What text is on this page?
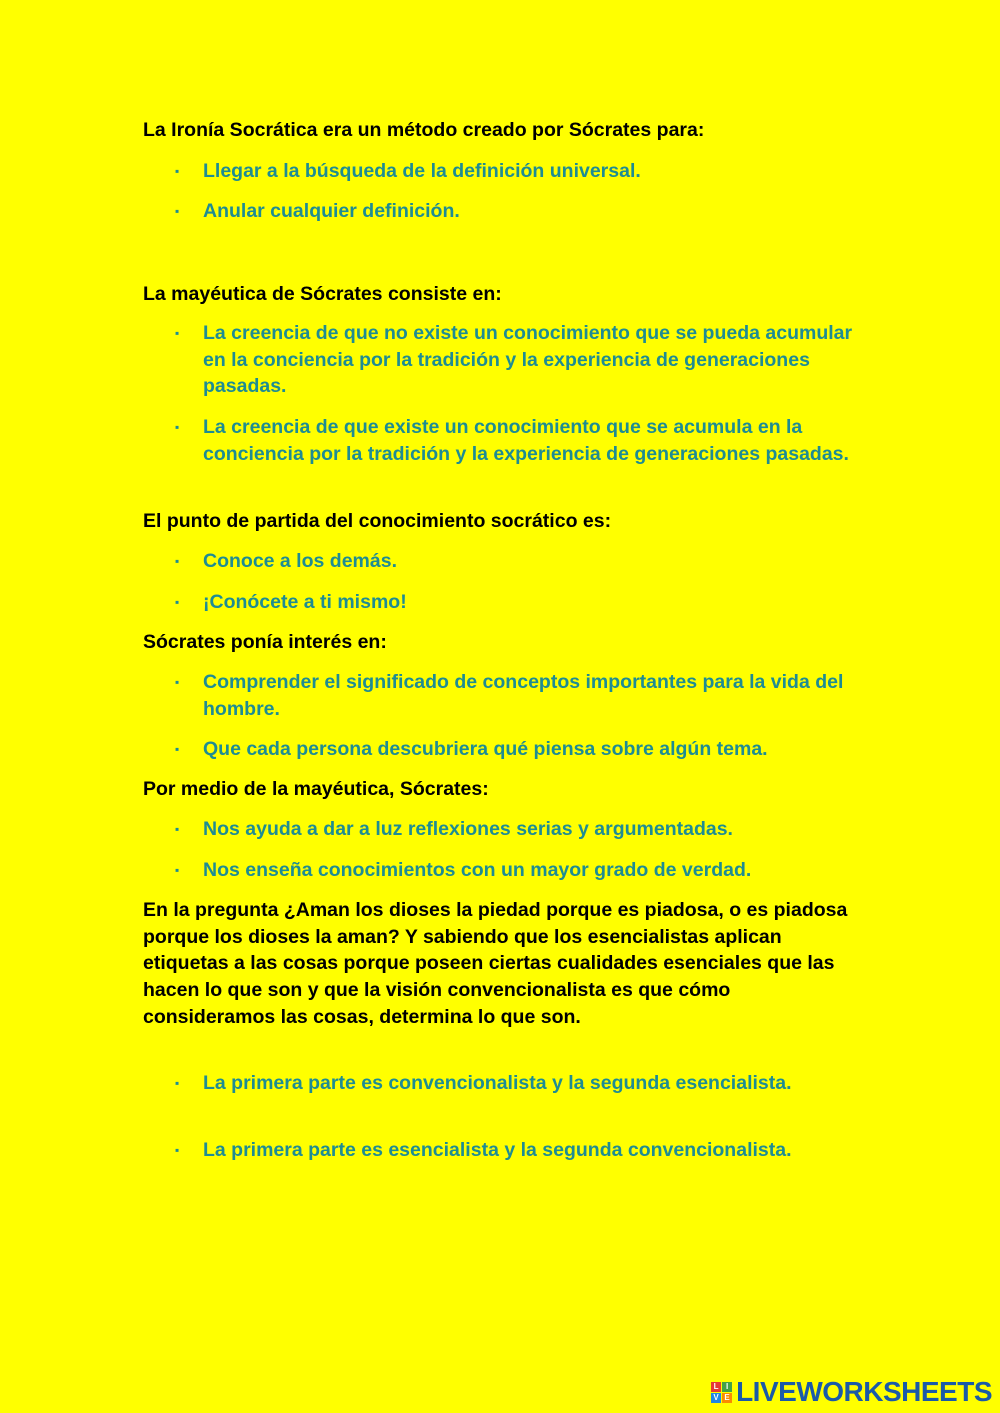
La Ironía Socrática era un método creado por Sócrates para:

▪ Llegar a la búsqueda de la definición universal.
▪ Anular cualquier definición.

La mayéutica de Sócrates consiste en:

▪ La creencia de que no existe un conocimiento que se pueda acumular en la conciencia por la tradición y la experiencia de generaciones pasadas.
▪ La creencia de que existe un conocimiento que se acumula en la conciencia por la tradición y la experiencia de generaciones pasadas.

El punto de partida del conocimiento socrático es:

▪ Conoce a los demás.
▪ ¡Conócete a ti mismo!

Sócrates ponía interés en:

▪ Comprender el significado de conceptos importantes para la vida del hombre.
▪ Que cada persona descubriera qué piensa sobre algún tema.

Por medio de la mayéutica, Sócrates:

▪ Nos ayuda a dar a luz reflexiones serias y argumentadas.
▪ Nos enseña conocimientos con un mayor grado de verdad.

En la pregunta ¿Aman los dioses la piedad porque es piadosa, o es piadosa porque los dioses la aman? Y sabiendo que los esencialistas aplican etiquetas a las cosas porque poseen ciertas cualidades esenciales que las hacen lo que son y que la visión convencionalista es que cómo consideramos las cosas, determina lo que son.

▪ La primera parte es convencionalista y la segunda esencialista.
▪ La primera parte es esencialista y la segunda convencionalista.
L I
V E LIVEWORKSHEETS
